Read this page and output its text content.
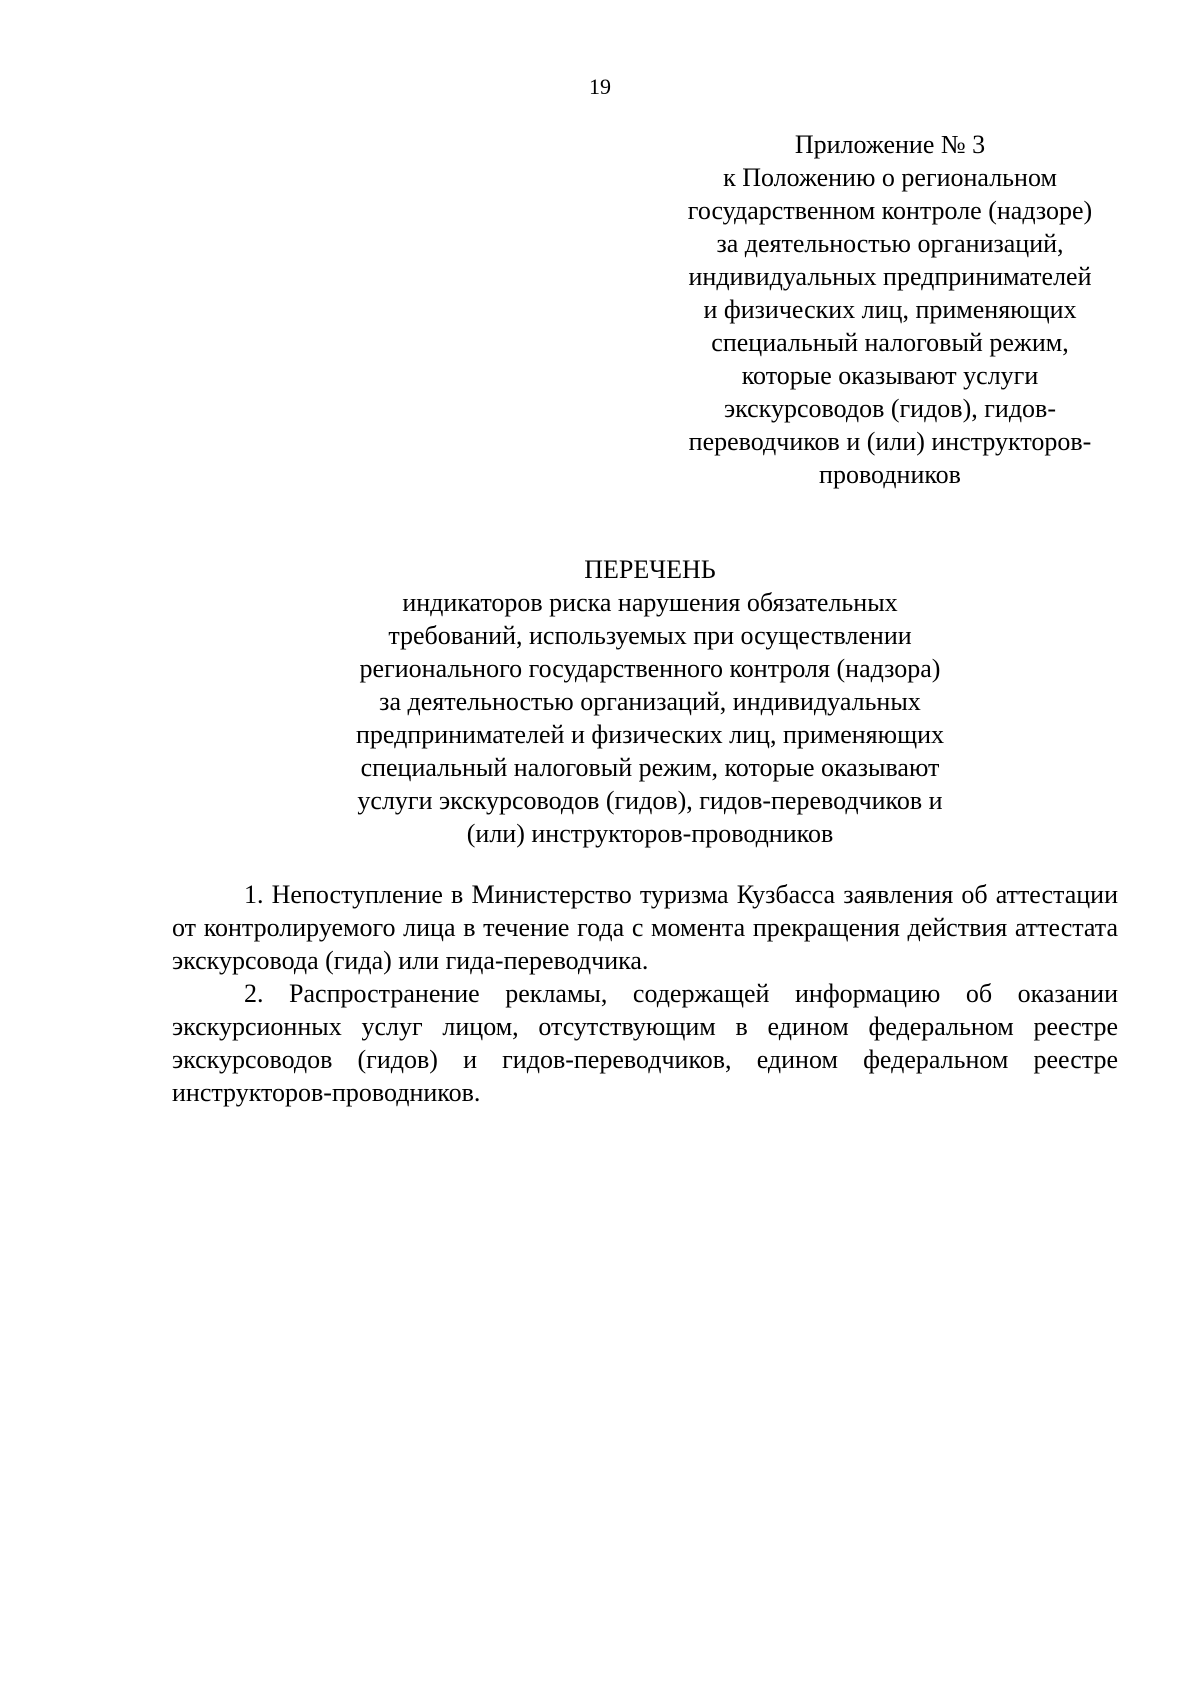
19
Приложение № 3
к Положению о региональном
государственном контроле (надзоре)
за деятельностью организаций,
индивидуальных предпринимателей
и физических лиц, применяющих
специальный налоговый режим,
которые оказывают услуги
экскурсоводов (гидов), гидов-
переводчиков и (или) инструкторов-
проводников
ПЕРЕЧЕНЬ
индикаторов риска нарушения обязательных
требований, используемых при осуществлении
регионального государственного контроля (надзора)
за деятельностью организаций, индивидуальных
предпринимателей и физических лиц, применяющих
специальный налоговый режим, которые оказывают
услуги экскурсоводов (гидов), гидов-переводчиков и
(или) инструкторов-проводников

1. Непоступление в Министерство туризма Кузбасса заявления об аттестации от контролируемого лица в течение года с момента прекращения действия аттестата экскурсовода (гида) или гида-переводчика.

2. Распространение рекламы, содержащей информацию об оказании экскурсионных услуг лицом, отсутствующим в едином федеральном реестре экскурсоводов (гидов) и гидов-переводчиков, едином федеральном реестре инструкторов-проводников.
